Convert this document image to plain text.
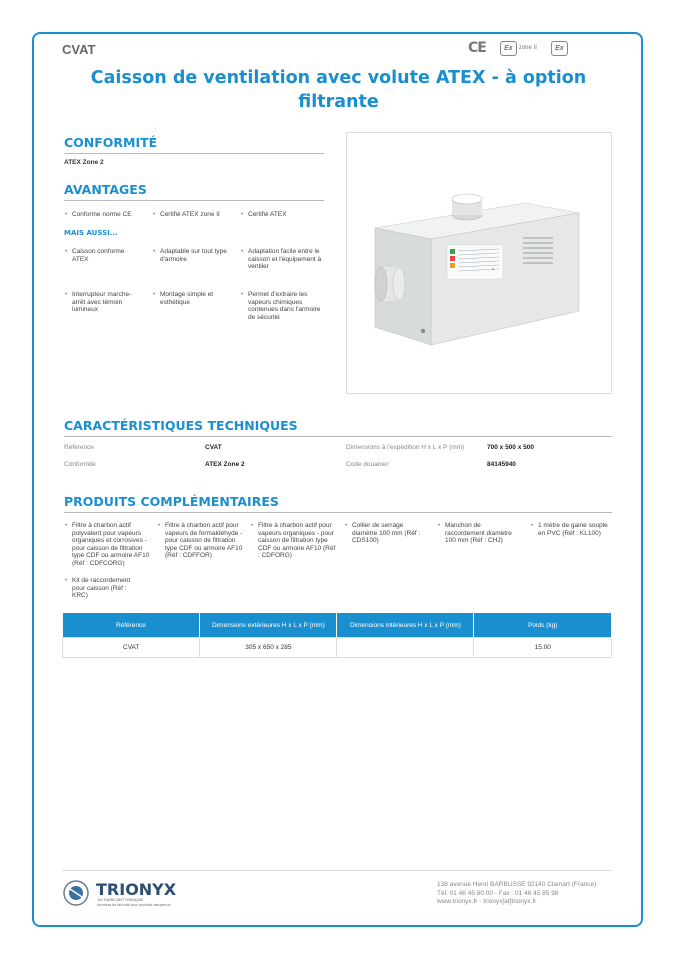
CVAT	CE	Ex	zone II	Ex
Caisson de ventilation avec volute ATEX - à option filtrante
CONFORMITÉ
ATEX Zone 2
AVANTAGES
• Conforme norme CE	• Certifié ATEX zone II	• Certifié ATEX
MAIS AUSSI...
• Caisson conforme ATEX
• Adaptable sur tout type d'armoire
• Adaptation facile entre le caisson et l'équipement à ventiler
• Interrupteur marche-arrêt avec témoin lumineux
• Montage simple et esthétique
• Permet d'extraire les vapeurs chimiques contenues dans l'armoire de sécurité
CARACTÉRISTIQUES TECHNIQUES
Référence	CVAT
Conformité	ATEX Zone 2
Dimensions à l'expédition H x L x P (mm)	700 x 500 x 500
Code douanier	84145940
PRODUITS COMPLÉMENTAIRES
• Filtre à charbon actif polyvalent pour vapeurs organiques et corrosives - pour caisson de filtration type CDF ou armoire AF10 (Réf : CDFCORG)
• Filtre à charbon actif pour vapeurs de formaldéhyde - pour caisson de filtration type CDF ou armoire AF10 (Réf : CDFFOR)
• Filtre à charbon actif pour vapeurs organiques - pour caisson de filtration type CDF ou armoire AF10 (Réf : CDFORG)
• Collier de serrage diamètre 100 mm (Réf : CDS100)
• Manchon de raccordement diamètre 100 mm (Réf : CHJ)
• 1 mètre de gaine souple en PVC (Réf : KL100)
• Kit de raccordement pour caisson (Réf : KRC)
Référence	Dimensions extérieures H x L x P (mm)	Dimensions intérieures H x L x P (mm)	Poids (kg)
CVAT	305 x 650 x 285		15.00
TRIONYX
1er FABRICANT FRANÇAIS
Armoires de sécurité pour produits dangereux
138 avenue Henri BARBUSSE 92140 Clamart (France)
Tél. 01 46 45 80 00 - Fax : 01 46 45 85 98
www.trionyx.fr - trionyx[at]trionyx.fr
